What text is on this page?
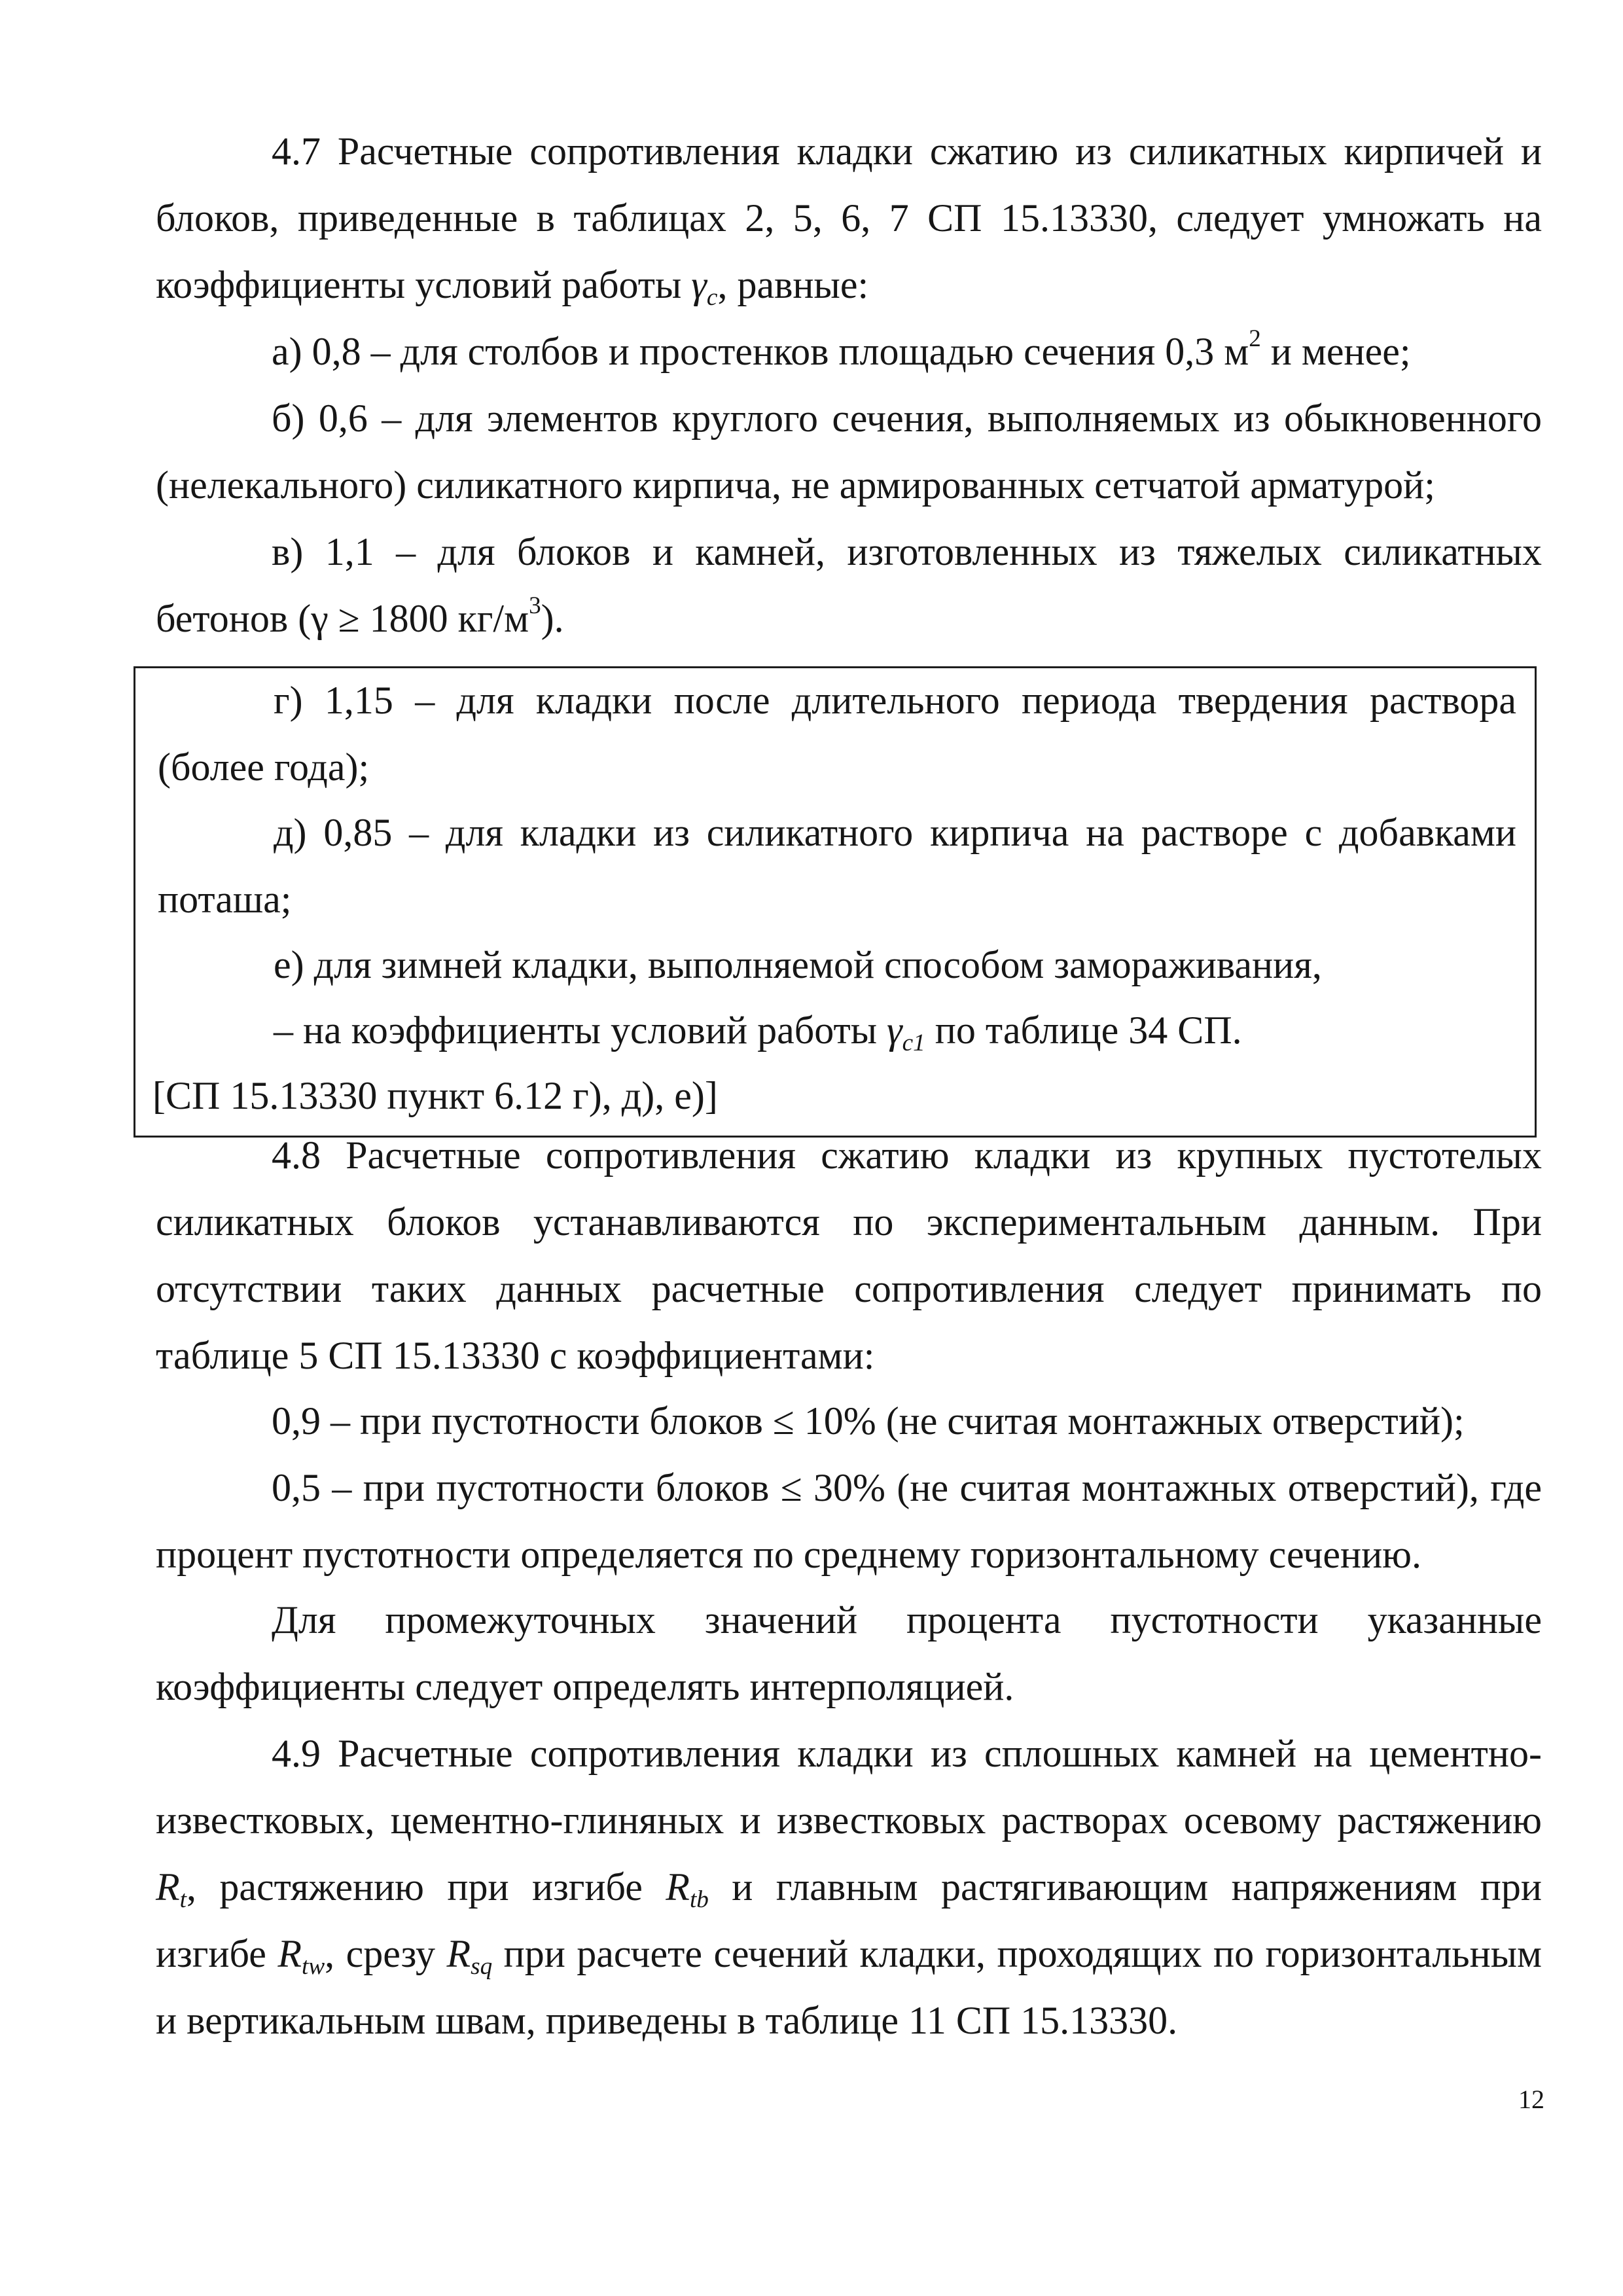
4.7 Расчетные сопротивления кладки сжатию из силикатных кирпичей и блоков, приведенные в таблицах 2, 5, 6, 7 СП 15.13330, следует умножать на коэффициенты условий работы $\gamma_c$, равные:

а) 0,8 – для столбов и простенков площадью сечения 0,3 $м^2$ и менее;

б) 0,6 – для элементов круглого сечения, выполняемых из обыкновенного (нелекального) силикатного кирпича, не армированных сетчатой арматурой;

в) 1,1 – для блоков и камней, изготовленных из тяжелых силикатных бетонов (γ ≥ 1800 $кг/м^3$).

г) 1,15 – для кладки после длительного периода твердения раствора (более года);

д) 0,85 – для кладки из силикатного кирпича на растворе с добавками поташа;

е) для зимней кладки, выполняемой способом замораживания,

– на коэффициенты условий работы $\gamma_{c1}$ по таблице 34 СП.

[СП 15.13330 пункт 6.12 г), д), е)]

4.8 Расчетные сопротивления сжатию кладки из крупных пустотелых силикатных блоков устанавливаются по экспериментальным данным. При отсутствии таких данных расчетные сопротивления следует принимать по таблице 5 СП 15.13330 с коэффициентами:

0,9 – при пустотности блоков ≤ 10% (не считая монтажных отверстий);

0,5 – при пустотности блоков ≤ 30% (не считая монтажных отверстий), где процент пустотности определяется по среднему горизонтальному сечению.

Для промежуточных значений процента пустотности указанные коэффициенты следует определять интерполяцией.

4.9 Расчетные сопротивления кладки из сплошных камней на цементно-известковых, цементно-глиняных и известковых растворах осевому растяжению $R_t$, растяжению при изгибе $R_{tb}$ и главным растягивающим напряжениям при изгибе $R_{tw}$, срезу $R_{sq}$ при расчете сечений кладки, проходящих по горизонтальным и вертикальным швам, приведены в таблице 11 СП 15.13330.

12
